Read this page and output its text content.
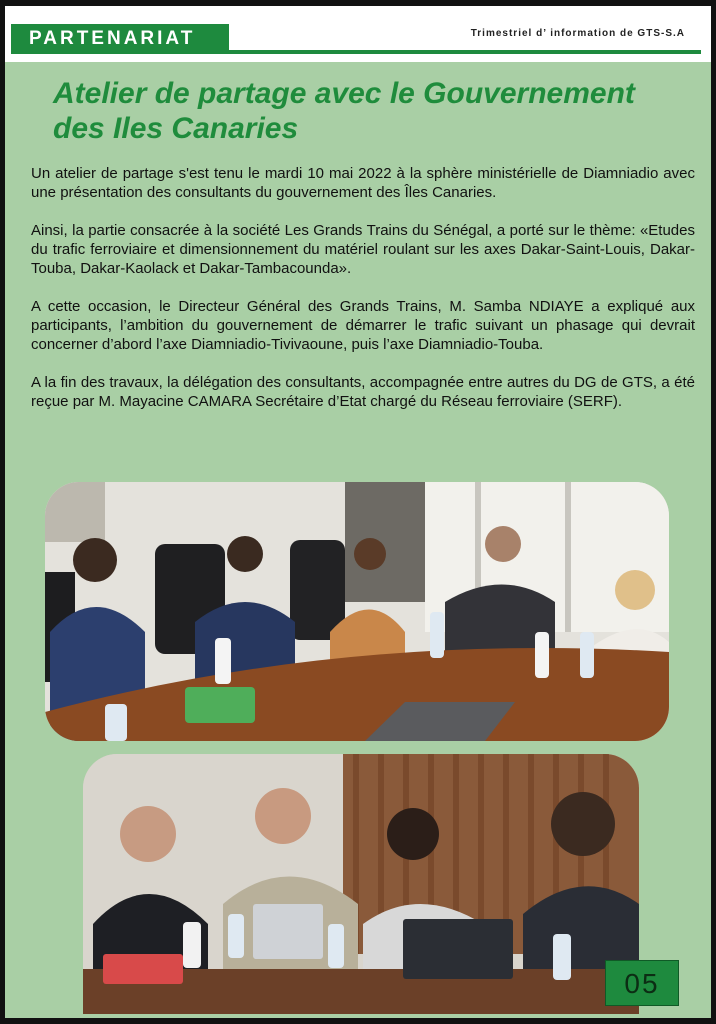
PARTENARIAT	Trimestriel d’ information de GTS-S.A
Atelier de partage avec le Gouvernement des Iles Canaries

Un atelier de partage s'est tenu le mardi 10 mai 2022 à la sphère ministérielle de Diamniadio avec une présentation des consultants du gouvernement des Îles Canaries.

Ainsi, la partie consacrée à la société Les Grands Trains du Sénégal, a porté sur le thème: «Etudes du trafic ferroviaire et dimensionnement du matériel roulant sur les axes Dakar-Saint-Louis, Dakar-Touba, Dakar-Kaolack et Dakar-Tambacounda».

A cette occasion, le Directeur Général des Grands Trains, M. Samba NDIAYE a expliqué aux participants, l’ambition du gouvernement de démarrer le trafic suivant un phasage qui devrait concerner d’abord l’axe Diamniadio-Tivivaoune, puis l’axe Diamniadio-Touba.

A la fin des travaux, la délégation des consultants, accompagnée entre autres du DG de GTS, a été reçue par M. Mayacine CAMARA Secrétaire d’Etat chargé du Réseau ferroviaire (SERF).

05
